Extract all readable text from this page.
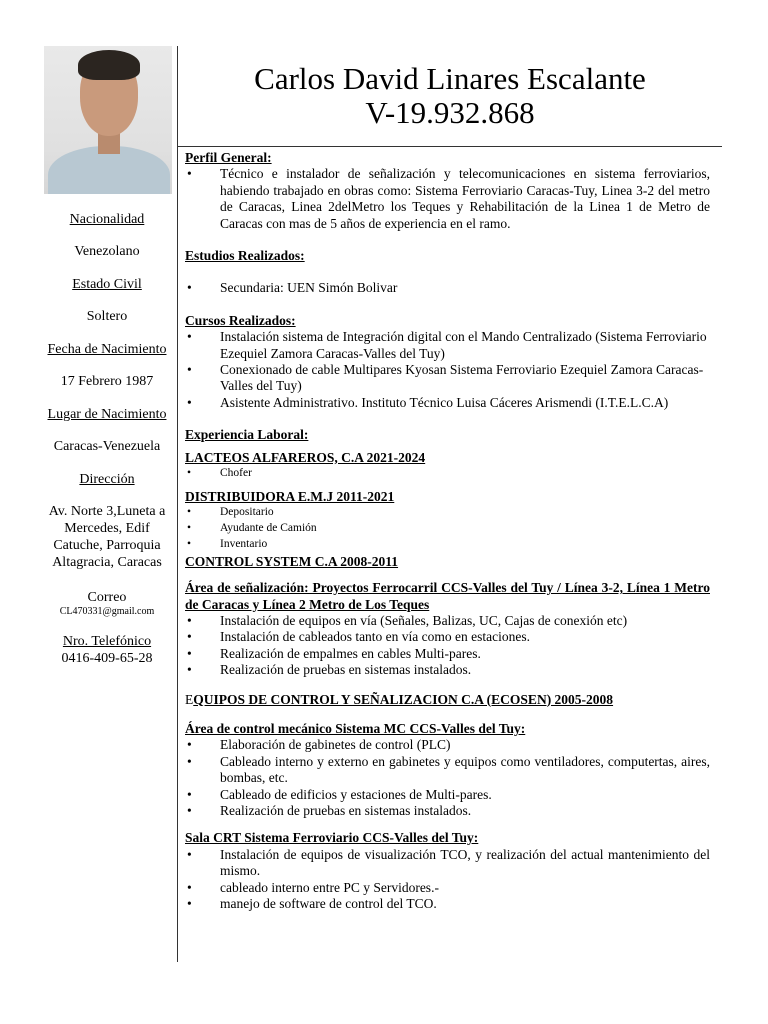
Nacionalidad
Venezolano
Estado Civil
Soltero
Fecha de Nacimiento
17 Febrero 1987
Lugar de Nacimiento
Caracas-Venezuela
Dirección
Av. Norte 3,Luneta a Mercedes, Edif Catuche, Parroquia Altagracia, Caracas
Correo
CL470331@gmail.com
Nro. Telefónico
0416-409-65-28
Carlos David Linares Escalante
V-19.932.868
Perfil General:
• Técnico e instalador de señalización y telecomunicaciones en sistema ferroviarios, habiendo trabajado en obras como: Sistema Ferroviario Caracas-Tuy, Linea 3-2 del metro de Caracas, Linea 2delMetro los Teques y Rehabilitación de la Linea 1 de Metro de Caracas con mas de 5 años de experiencia en el ramo.
Estudios Realizados:
• Secundaria: UEN Simón Bolivar
Cursos Realizados:
• Instalación sistema de Integración digital con el Mando Centralizado (Sistema Ferroviario Ezequiel Zamora Caracas-Valles del Tuy)
• Conexionado de cable Multipares Kyosan Sistema Ferroviario Ezequiel Zamora Caracas-Valles del Tuy)
• Asistente Administrativo. Instituto Técnico Luisa Cáceres Arismendi (I.T.E.L.C.A)
Experiencia Laboral:
LACTEOS ALFAREROS, C.A 2021-2024
• Chofer
DISTRIBUIDORA E.M.J 2011-2021
• Depositario
• Ayudante de Camión
• Inventario
CONTROL SYSTEM C.A 2008-2011
Área de señalización: Proyectos Ferrocarril CCS-Valles del Tuy / Línea 3-2, Línea 1 Metro de Caracas y Línea 2 Metro de Los Teques
• Instalación de equipos en vía (Señales, Balizas, UC, Cajas de conexión etc)
• Instalación de cableados tanto en vía como en estaciones.
• Realización de empalmes en cables Multi-pares.
• Realización de pruebas en sistemas instalados.
EQUIPOS DE CONTROL Y SEÑALIZACION C.A (ECOSEN) 2005-2008
Área de control mecánico Sistema MC CCS-Valles del Tuy:
• Elaboración de gabinetes de control (PLC)
• Cableado interno y externo en gabinetes y equipos como ventiladores, computertas, aires, bombas, etc.
• Cableado de edificios y estaciones de Multi-pares.
• Realización de pruebas en sistemas instalados.
Sala CRT Sistema Ferroviario CCS-Valles del Tuy:
• Instalación de equipos de visualización TCO, y realización del actual mantenimiento del mismo.
• cableado interno entre PC y Servidores.-
• manejo de software de control del TCO.
